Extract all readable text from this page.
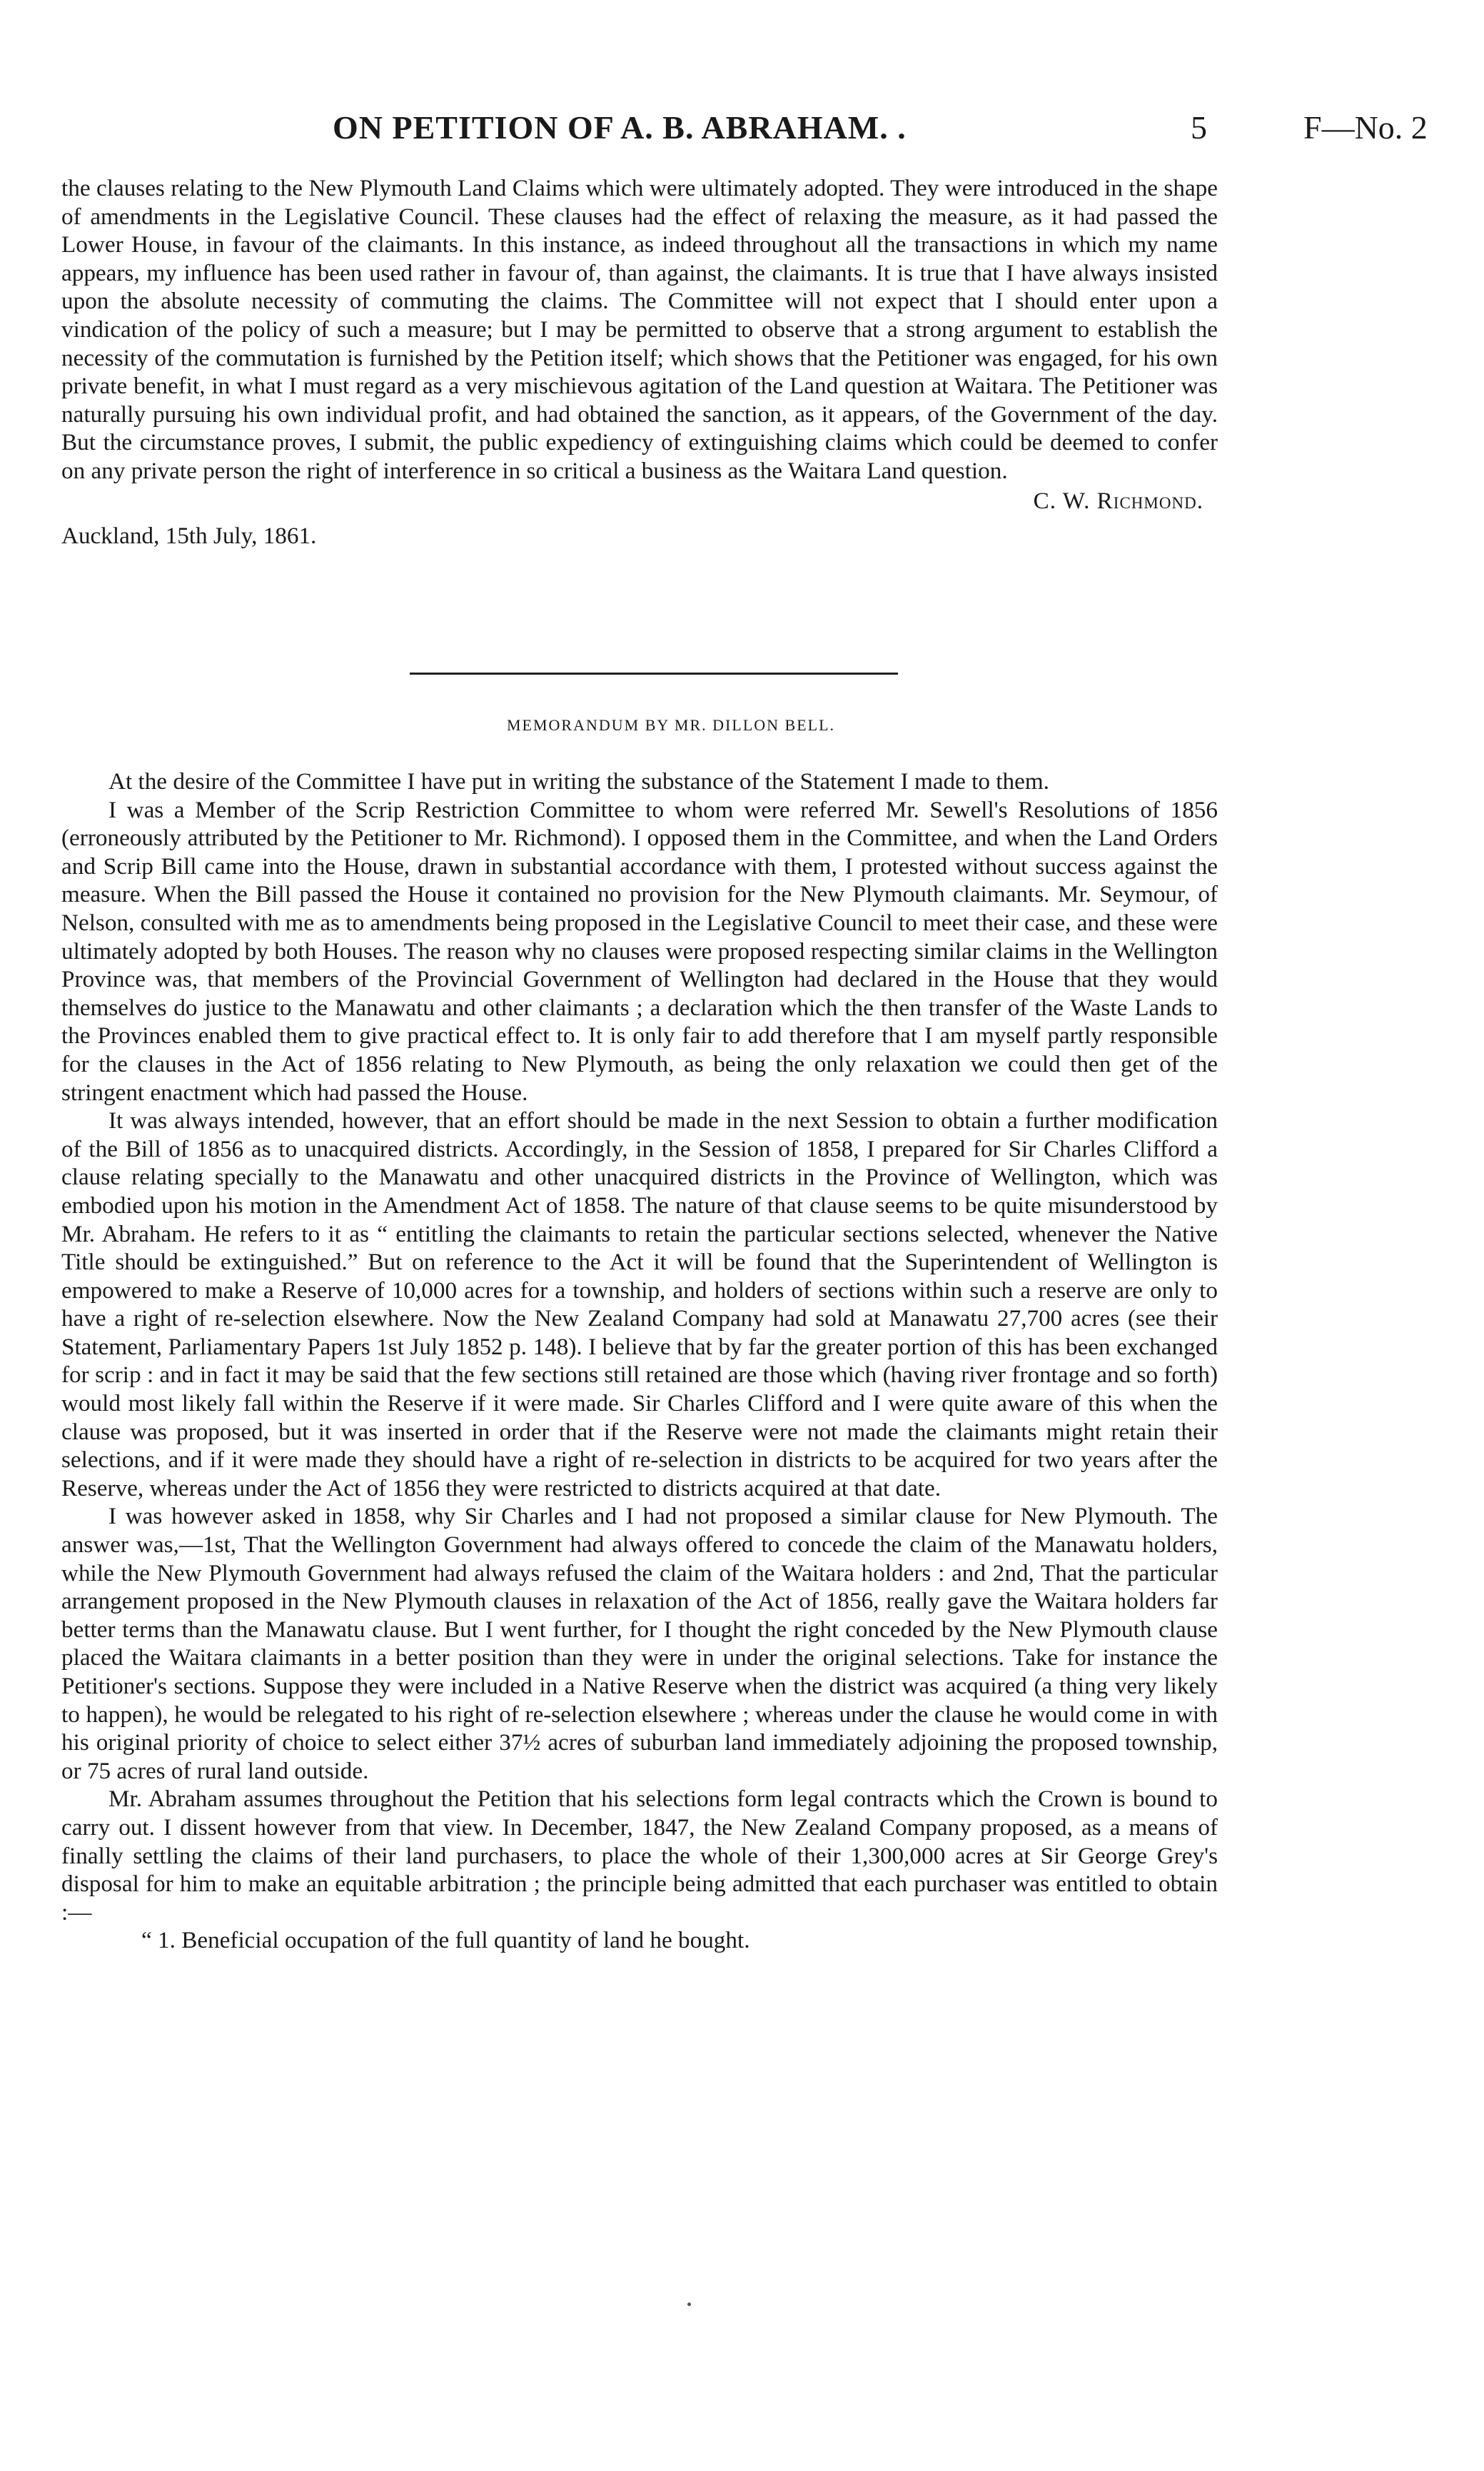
ON PETITION OF A. B. ABRAHAM. .	5	F—No. 2

the clauses relating to the New Plymouth Land Claims which were ultimately adopted. They were introduced in the shape of amendments in the Legislative Council. These clauses had the effect of relaxing the measure, as it had passed the Lower House, in favour of the claimants. In this instance, as indeed throughout all the transactions in which my name appears, my influence has been used rather in favour of, than against, the claimants. It is true that I have always insisted upon the absolute necessity of commuting the claims. The Committee will not expect that I should enter upon a vindication of the policy of such a measure; but I may be permitted to observe that a strong argument to establish the necessity of the commutation is furnished by the Petition itself; which shows that the Petitioner was engaged, for his own private benefit, in what I must regard as a very mischievous agitation of the Land question at Waitara. The Petitioner was naturally pursuing his own individual profit, and had obtained the sanction, as it appears, of the Government of the day. But the circumstance proves, I submit, the public expediency of extinguishing claims which could be deemed to confer on any private person the right of interference in so critical a business as the Waitara Land question.

C. W. Richmond.

Auckland, 15th July, 1861.

MEMORANDUM BY MR. DILLON BELL.

At the desire of the Committee I have put in writing the substance of the Statement I made to them.

I was a Member of the Scrip Restriction Committee to whom were referred Mr. Sewell's Resolutions of 1856 (erroneously attributed by the Petitioner to Mr. Richmond). I opposed them in the Committee, and when the Land Orders and Scrip Bill came into the House, drawn in substantial accordance with them, I protested without success against the measure. When the Bill passed the House it contained no provision for the New Plymouth claimants. Mr. Seymour, of Nelson, consulted with me as to amendments being proposed in the Legislative Council to meet their case, and these were ultimately adopted by both Houses. The reason why no clauses were proposed respecting similar claims in the Wellington Province was, that members of the Provincial Government of Wellington had declared in the House that they would themselves do justice to the Manawatu and other claimants ; a declaration which the then transfer of the Waste Lands to the Provinces enabled them to give practical effect to. It is only fair to add therefore that I am myself partly responsible for the clauses in the Act of 1856 relating to New Plymouth, as being the only relaxation we could then get of the stringent enactment which had passed the House.

It was always intended, however, that an effort should be made in the next Session to obtain a further modification of the Bill of 1856 as to unacquired districts. Accordingly, in the Session of 1858, I prepared for Sir Charles Clifford a clause relating specially to the Manawatu and other unacquired districts in the Province of Wellington, which was embodied upon his motion in the Amendment Act of 1858. The nature of that clause seems to be quite misunderstood by Mr. Abraham. He refers to it as “ entitling the claimants to retain the particular sections selected, whenever the Native Title should be extinguished.” But on reference to the Act it will be found that the Superintendent of Wellington is empowered to make a Reserve of 10,000 acres for a township, and holders of sections within such a reserve are only to have a right of re-selection elsewhere. Now the New Zealand Company had sold at Manawatu 27,700 acres (see their Statement, Parliamentary Papers 1st July 1852 p. 148). I believe that by far the greater portion of this has been exchanged for scrip : and in fact it may be said that the few sections still retained are those which (having river frontage and so forth) would most likely fall within the Reserve if it were made. Sir Charles Clifford and I were quite aware of this when the clause was proposed, but it was inserted in order that if the Reserve were not made the claimants might retain their selections, and if it were made they should have a right of re-selection in districts to be acquired for two years after the Reserve, whereas under the Act of 1856 they were restricted to districts acquired at that date.

I was however asked in 1858, why Sir Charles and I had not proposed a similar clause for New Plymouth. The answer was,—1st, That the Wellington Government had always offered to concede the claim of the Manawatu holders, while the New Plymouth Government had always refused the claim of the Waitara holders : and 2nd, That the particular arrangement proposed in the New Plymouth clauses in relaxation of the Act of 1856, really gave the Waitara holders far better terms than the Manawatu clause. But I went further, for I thought the right conceded by the New Plymouth clause placed the Waitara claimants in a better position than they were in under the original selections. Take for instance the Petitioner's sections. Suppose they were included in a Native Reserve when the district was acquired (a thing very likely to happen), he would be relegated to his right of re-selection elsewhere ; whereas under the clause he would come in with his original priority of choice to select either 37½ acres of suburban land immediately adjoining the proposed township, or 75 acres of rural land outside.

Mr. Abraham assumes throughout the Petition that his selections form legal contracts which the Crown is bound to carry out. I dissent however from that view. In December, 1847, the New Zealand Company proposed, as a means of finally settling the claims of their land purchasers, to place the whole of their 1,300,000 acres at Sir George Grey's disposal for him to make an equitable arbitration ; the principle being admitted that each purchaser was entitled to obtain :—

“ 1. Beneficial occupation of the full quantity of land he bought.
